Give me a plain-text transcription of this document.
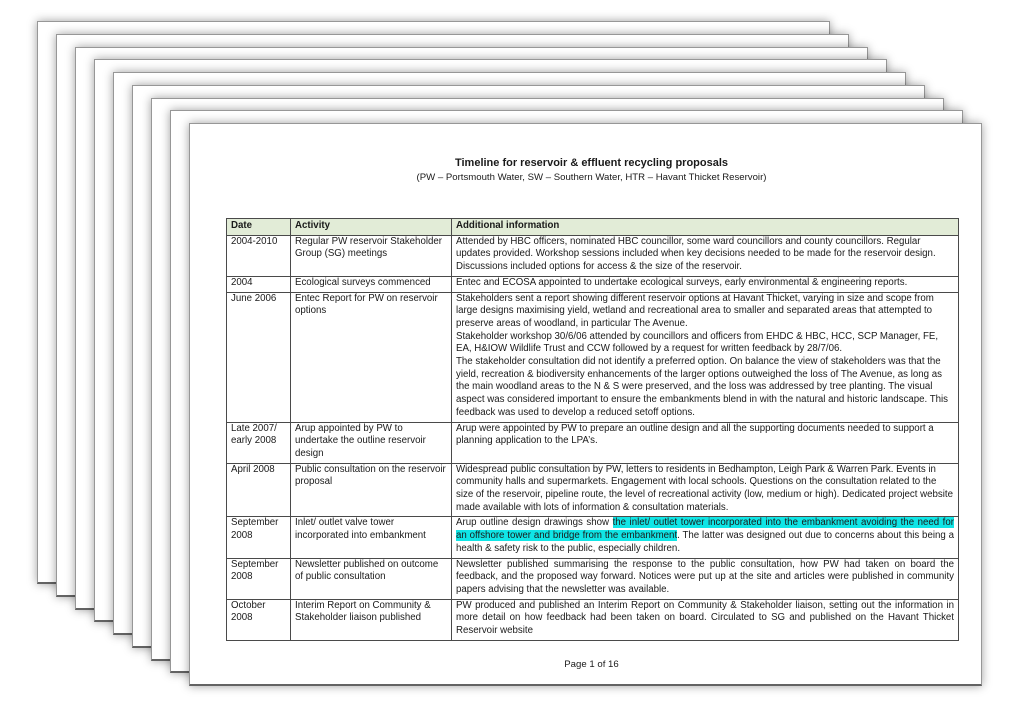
Timeline for reservoir & effluent recycling proposals
(PW – Portsmouth Water, SW – Southern Water, HTR – Havant Thicket Reservoir)
Date	Activity	Additional information
2004-2010	Regular PW reservoir Stakeholder Group (SG) meetings	Attended by HBC officers, nominated HBC councillor, some ward councillors and county councillors. Regular updates provided. Workshop sessions included when key decisions needed to be made for the reservoir design. Discussions included options for access & the size of the reservoir.
2004	Ecological surveys commenced	Entec and ECOSA appointed to undertake ecological surveys, early environmental & engineering reports.
June 2006	Entec Report for PW on reservoir options	Stakeholders sent a report showing different reservoir options at Havant Thicket, varying in size and scope from large designs maximising yield, wetland and recreational area to smaller and separated areas that attempted to preserve areas of woodland, in particular The Avenue.
Stakeholder workshop 30/6/06 attended by councillors and officers from EHDC & HBC, HCC, SCP Manager, FE, EA, H&IOW Wildlife Trust and CCW followed by a request for written feedback by 28/7/06.
The stakeholder consultation did not identify a preferred option. On balance the view of stakeholders was that the yield, recreation & biodiversity enhancements of the larger options outweighed the loss of The Avenue, as long as the main woodland areas to the N & S were preserved, and the loss was addressed by tree planting. The visual aspect was considered important to ensure the embankments blend in with the natural and historic landscape. This feedback was used to develop a reduced setoff options.

Late 2007/ early 2008	Arup appointed by PW to undertake the outline reservoir design	Arup were appointed by PW to prepare an outline design and all the supporting documents needed to support a planning application to the LPA’s.
April 2008	Public consultation on the reservoir proposal	Widespread public consultation by PW, letters to residents in Bedhampton, Leigh Park & Warren Park. Events in community halls and supermarkets. Engagement with local schools. Questions on the consultation related to the size of the reservoir, pipeline route, the level of recreational activity (low, medium or high). Dedicated project website made available with lots of information & consultation materials.
September 2008	Inlet/ outlet valve tower incorporated into embankment	Arup outline design drawings show the inlet/ outlet tower incorporated into the embankment avoiding the need for an offshore tower and bridge from the embankment. The latter was designed out due to concerns about this being a health & safety risk to the public, especially children.
September 2008	Newsletter published on outcome of public consultation	Newsletter published summarising the response to the public consultation, how PW had taken on board the feedback, and the proposed way forward. Notices were put up at the site and articles were published in community papers advising that the newsletter was available.
October 2008	Interim Report on Community & Stakeholder liaison published	PW produced and published an Interim Report on Community & Stakeholder liaison, setting out the information in more detail on how feedback had been taken on board. Circulated to SG and published on the Havant Thicket Reservoir website
Page 1 of 16
